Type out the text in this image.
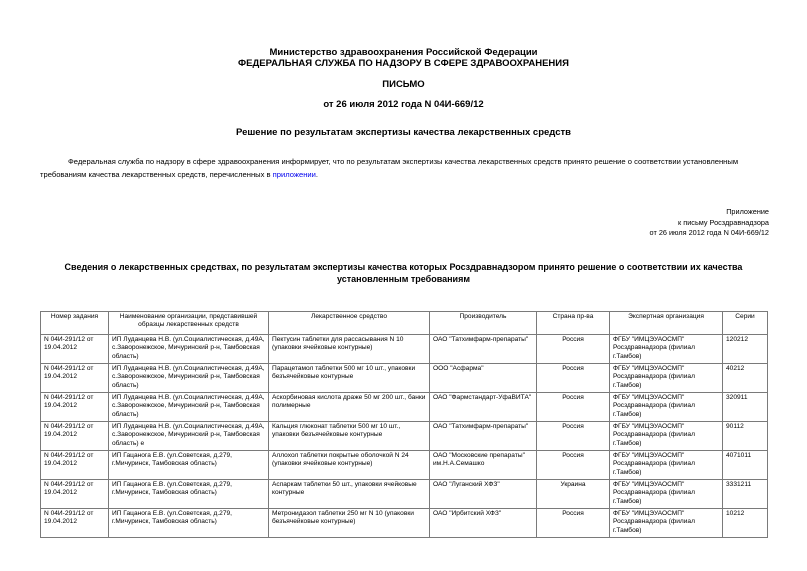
Министерство здравоохранения Российской Федерации
ФЕДЕРАЛЬНАЯ СЛУЖБА ПО НАДЗОРУ В СФЕРЕ ЗДРАВООХРАНЕНИЯ
ПИСЬМО
от 26 июля 2012 года N 04И-669/12
Решение по результатам экспертизы качества лекарственных средств
Федеральная служба по надзору в сфере здравоохранения информирует, что по результатам экспертизы качества лекарственных средств принято решение о соответствии установленным требованиям качества лекарственных средств, перечисленных в приложении.
Приложение
к письму Росздравнадзора
от 26 июля 2012 года N 04И-669/12
Сведения о лекарственных средствах, по результатам экспертизы качества которых Росздравнадзором принято решение о соответствии их качества установленным требованиям
Номер задания	Наименование организации, представившей образцы лекарственных средств	Лекарственное средство	Производитель	Страна пр-ва	Экспертная организация	Серии
N 04И-291/12 от 19.04.2012	ИП Луданцева Н.В. (ул.Социалистическая, д.49А, с.Заворонежское, Мичуринский р-н, Тамбовская область)	Пектусин таблетки для рассасывания N 10 (упаковки ячейковые контурные)	ОАО "Татхимфарм-препараты"	Россия	ФГБУ "ИМЦЭУАОСМП" Росздравнадзора (филиал г.Тамбов)	120212
N 04И-291/12 от 19.04.2012	ИП Луданцева Н.В. (ул.Социалистическая, д.49А, с.Заворонежское, Мичуринский р-н, Тамбовская область)	Парацетамол таблетки 500 мг 10 шт., упаковки безъячейковые контурные	ООО "Асфарма"	Россия	ФГБУ "ИМЦЭУАОСМП" Росздравнадзора (филиал г.Тамбов)	40212
N 04И-291/12 от 19.04.2012	ИП Луданцева Н.В. (ул.Социалистическая, д.49А, с.Заворонежское, Мичуринский р-н, Тамбовская область)	Аскорбиновая кислота драже 50 мг 200 шт., банки полимерные	ОАО "Фармстандарт-УфаВИТА"	Россия	ФГБУ "ИМЦЭУАОСМП" Росздравнадзора (филиал г.Тамбов)	320911
N 04И-291/12 от 19.04.2012	ИП Луданцева Н.В. (ул.Социалистическая, д.49А, с.Заворонежское, Мичуринский р-н, Тамбовская область) е	Кальция глюконат таблетки 500 мг 10 шт., упаковки безъячейковые контурные	ОАО "Татхимфарм-препараты"	Россия	ФГБУ "ИМЦЭУАОСМП" Росздравнадзора (филиал г.Тамбов)	90112
N 04И-291/12 от 19.04.2012	ИП Гацанога Е.В. (ул.Советская, д.279, г.Мичуринск, Тамбовская область)	Аллохол таблетки покрытые оболочкой N 24 (упаковки ячейковые контурные)	ОАО "Московские препараты" им.Н.А.Семашко	Россия	ФГБУ "ИМЦЭУАОСМП" Росздравнадзора (филиал г.Тамбов)	4071011
N 04И-291/12 от 19.04.2012	ИП Гацанога Е.В. (ул.Советская, д.279, г.Мичуринск, Тамбовская область)	Аспаркам таблетки 50 шт., упаковки ячейковые контурные	ОАО "Луганский ХФЗ"	Украина	ФГБУ "ИМЦЭУАОСМП" Росздравнадзора (филиал г.Тамбов)	3331211
N 04И-291/12 от 19.04.2012	ИП Гацанога Е.В. (ул.Советская, д.279, г.Мичуринск, Тамбовская область)	Метронидазол таблетки 250 мг N 10 (упаковки безъячейковые контурные)	ОАО "Ирбитский ХФЗ"	Россия	ФГБУ "ИМЦЭУАОСМП" Росздравнадзора (филиал г.Тамбов)	10212
